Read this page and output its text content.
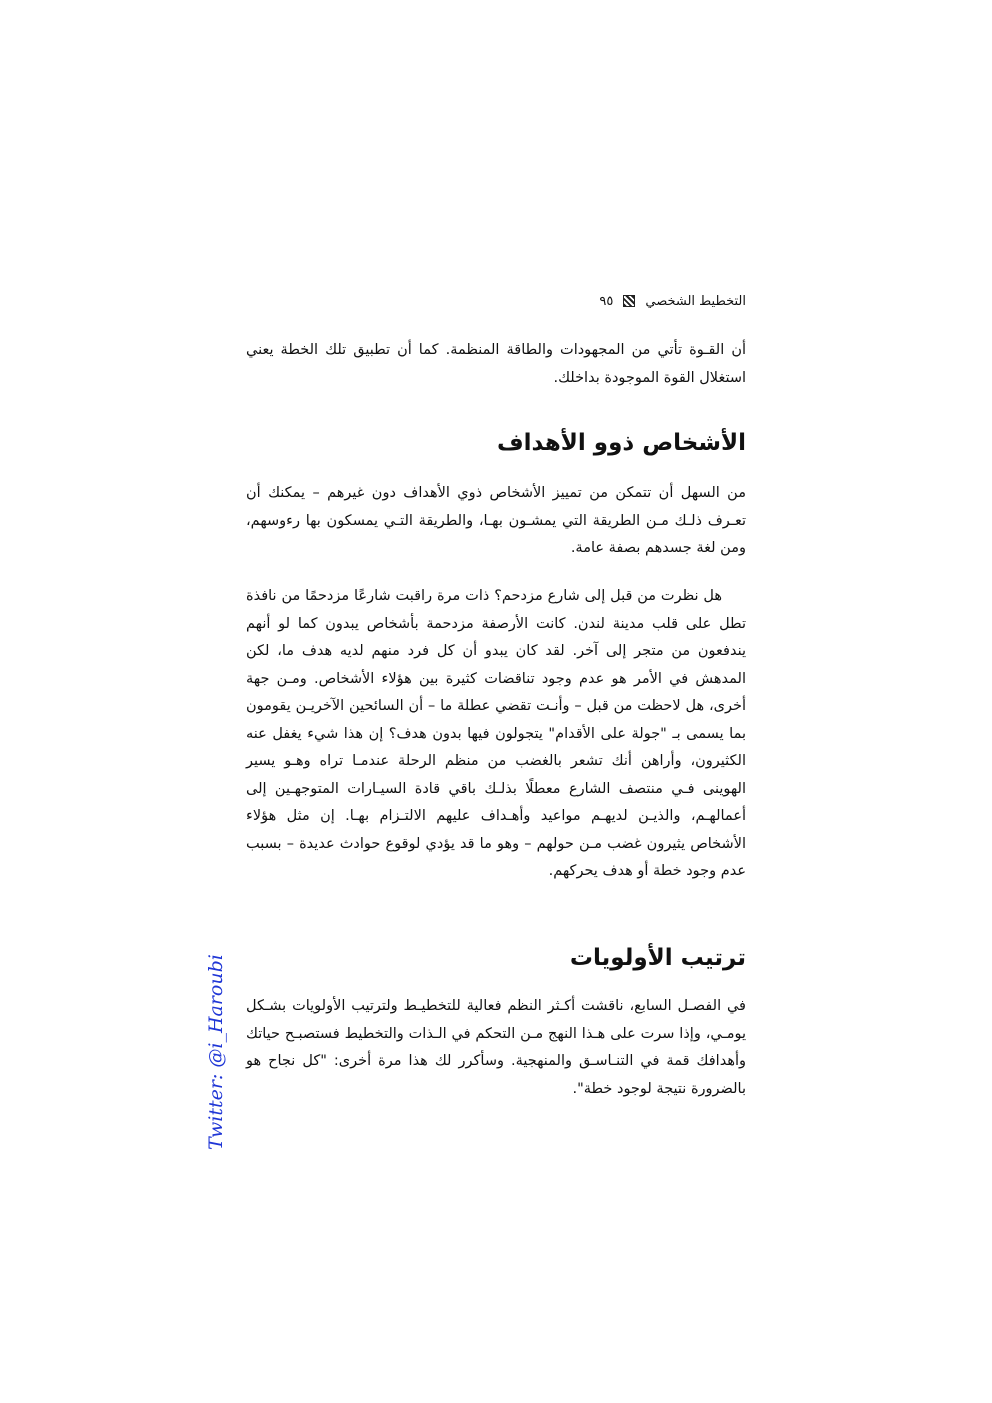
التخطيط الشخصي
٩٥

أن القـوة تأتي من المجهودات والطاقة المنظمة. كما أن تطبيق تلك الخطة يعني استغلال القوة الموجودة بداخلك.

الأشخاص ذوو الأهداف

من السهل أن تتمكن من تمييز الأشخاص ذوي الأهداف دون غيرهم – يمكنك أن تعـرف ذلـك مـن الطريقة التي يمشـون بهـا، والطريقة التـي يمسكون بها رءوسهم، ومن لغة جسدهم بصفة عامة.

هل نظرت من قبل إلى شارع مزدحم؟ ذات مرة راقبت شارعًا مزدحمًا من نافذة تطل على قلب مدينة لندن. كانت الأرصفة مزدحمة بأشخاص يبدون كما لو أنهم يندفعون من متجر إلى آخر. لقد كان يبدو أن كل فرد منهم لديه هدف ما، لكن المدهش في الأمر هو عدم وجود تناقضات كثيرة بين هؤلاء الأشخاص. ومـن جهة أخرى، هل لاحظت من قبل – وأنـت تقضي عطلة ما – أن السائحين الآخريـن يقومون بما يسمى بـ "جولة على الأقدام" يتجولون فيها بدون هدف؟ إن هذا شيء يغفل عنه الكثيرون، وأراهن أنك تشعر بالغضب من منظم الرحلة عندمـا تراه وهـو يسير الهوينى فـي منتصف الشارع معطلًا بذلـك باقي قادة السيـارات المتوجهـين إلى أعمالهـم، والذيـن لديهـم مواعيد وأهـداف عليهم الالتـزام بهـا. إن مثل هؤلاء الأشخاص يثيرون غضب مـن حولهم – وهو ما قد يؤدي لوقوع حوادث عديدة – بسبب عدم وجود خطة أو هدف يحركهم.

ترتيب الأولويات

في الفصـل السابع، ناقشت أكـثر النظم فعالية للتخطيـط ولترتيب الأولويات بشـكل يومـي، وإذا سرت على هـذا النهج مـن التحكم في الـذات والتخطيط فستصبـح حياتك وأهدافك قمة في التنـاسـق والمنهجية. وسأكرر لك هذا مرة أخرى: "كل نجاح هو بالضرورة نتيجة لوجود خطة".

Twitter: @i_Haroubi
